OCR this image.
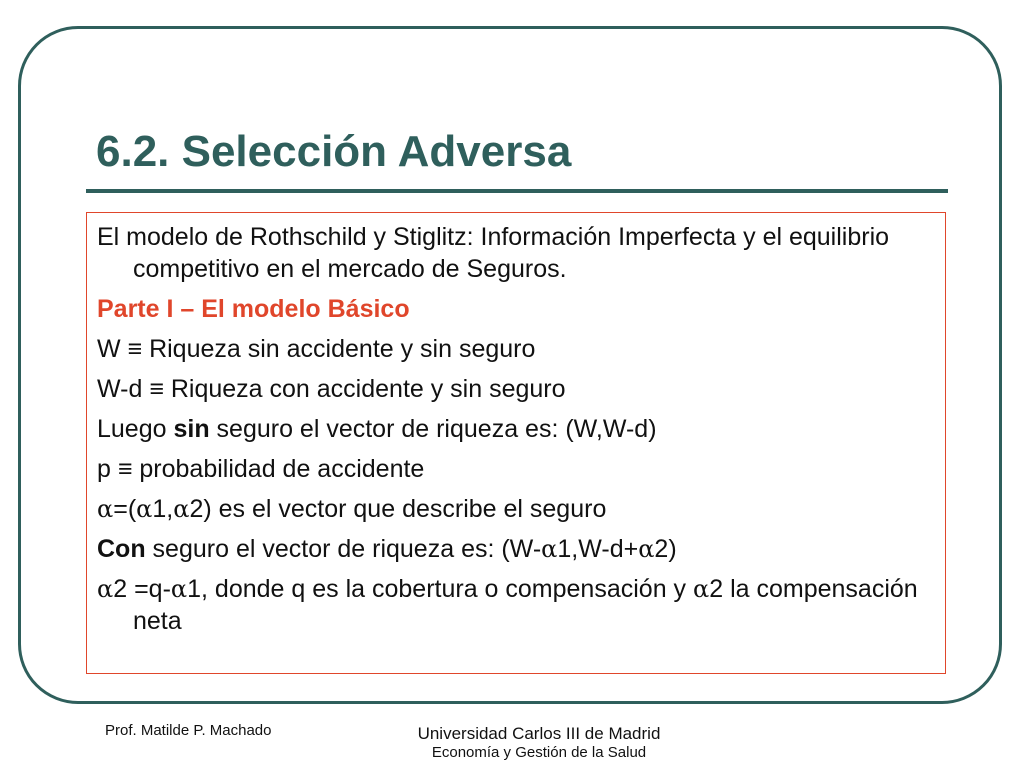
6.2. Selección Adversa
El modelo de Rothschild y Stiglitz: Información Imperfecta y el equilibrio competitivo en el mercado de Seguros.
Parte I – El modelo Básico
W ≡ Riqueza sin accidente y sin seguro
W-d ≡ Riqueza con accidente y sin seguro
Luego sin seguro el vector de riqueza es: (W,W-d)
p ≡ probabilidad de accidente
α=(α1,α2) es el vector que describe el seguro
Con seguro el vector de riqueza es: (W-α1,W-d+α2)
α2 =q-α1, donde q es la cobertura o compensación y α2 la compensación neta
Prof. Matilde P. Machado	Universidad Carlos III de Madrid
Economía y Gestión de la Salud
